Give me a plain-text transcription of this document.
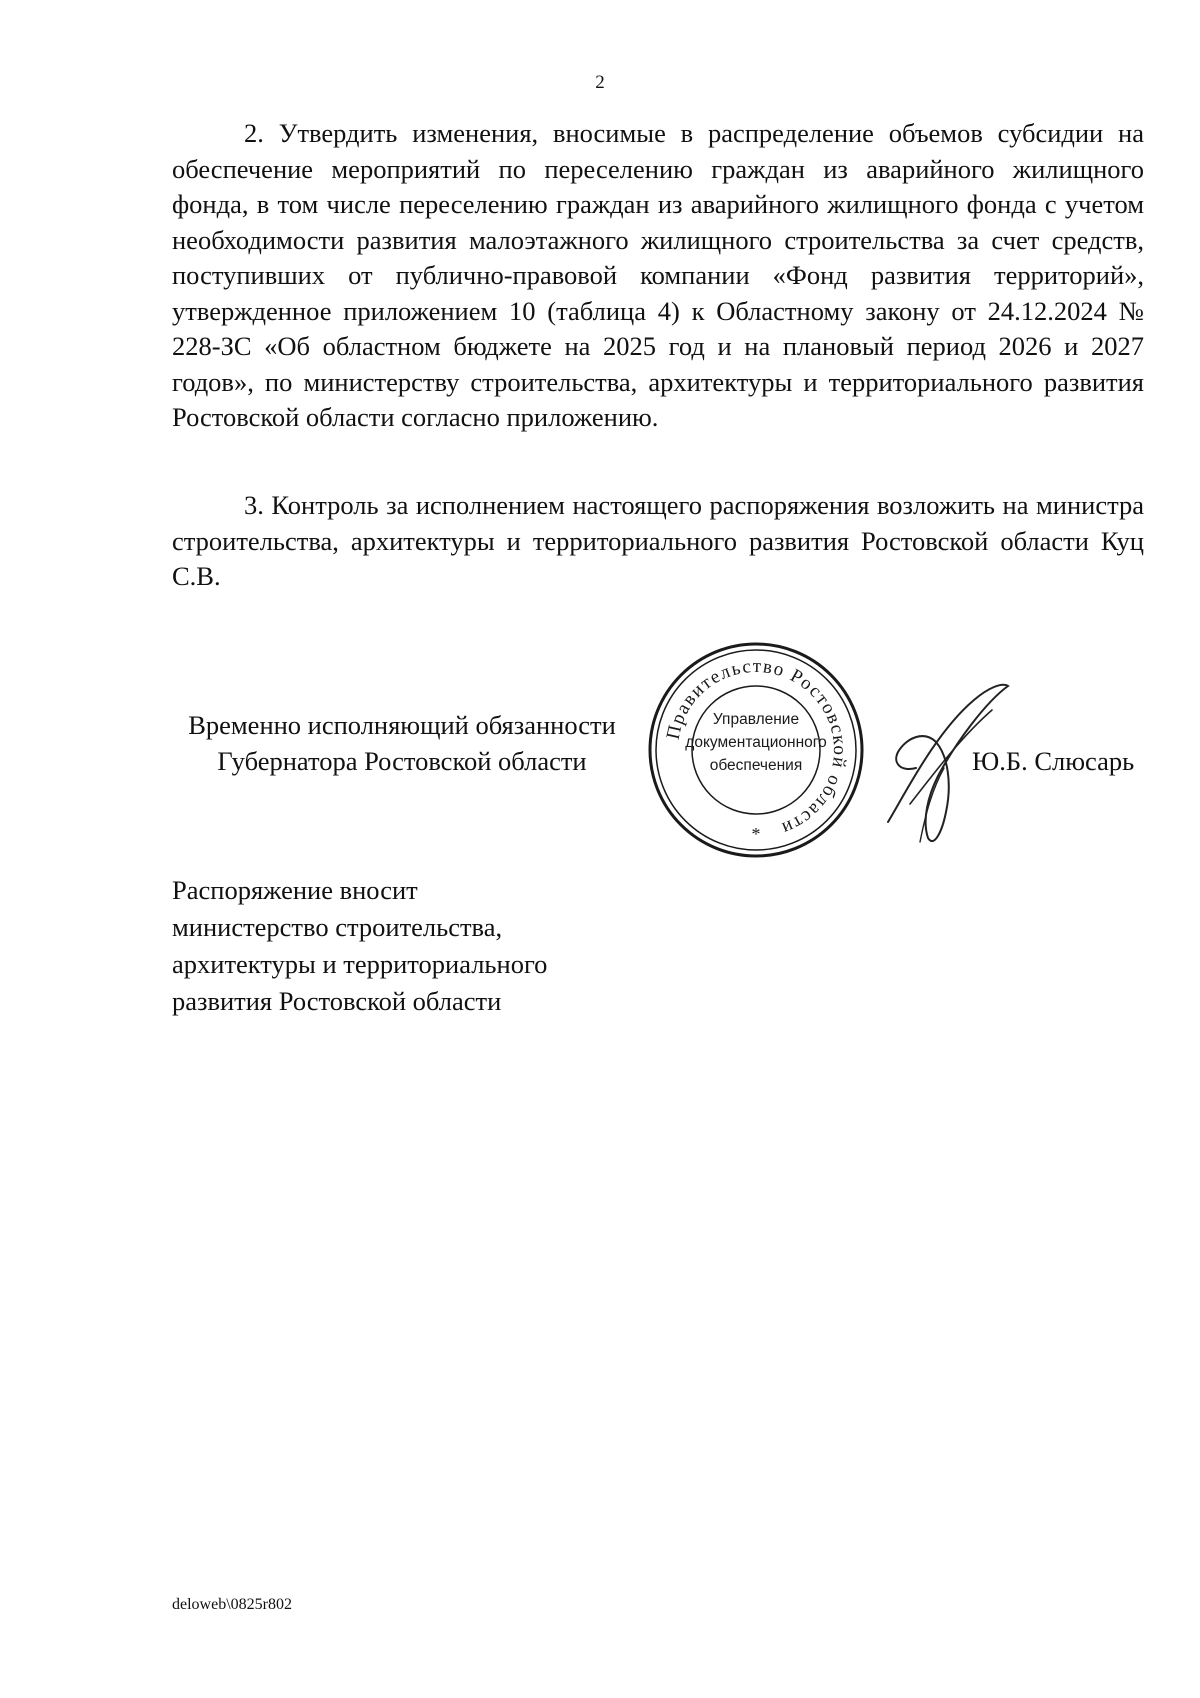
2

2. Утвердить изменения, вносимые в распределение объемов субсидии на обеспечение мероприятий по переселению граждан из аварийного жилищного фонда, в том числе переселению граждан из аварийного жилищного фонда с учетом необходимости развития малоэтажного жилищного строительства за счет средств, поступивших от публично-правовой компании «Фонд развития территорий», утвержденное приложением 10 (таблица 4) к Областному закону от 24.12.2024 № 228-ЗС «Об областном бюджете на 2025 год и на плановый период 2026 и 2027 годов», по министерству строительства, архитектуры и территориального развития Ростовской области согласно приложению.

3. Контроль за исполнением настоящего распоряжения возложить на министра строительства, архитектуры и территориального развития Ростовской области Куц С.В.

Временно исполняющий обязанности
Губернатора Ростовской области
Правительство Ростовской области
*
Управление
документационного
обеспечения	Ю.Б. Слюсарь
Распоряжение вносит
министерство строительства,
архитектуры и территориального
развития Ростовской области
deloweb\0825r802
